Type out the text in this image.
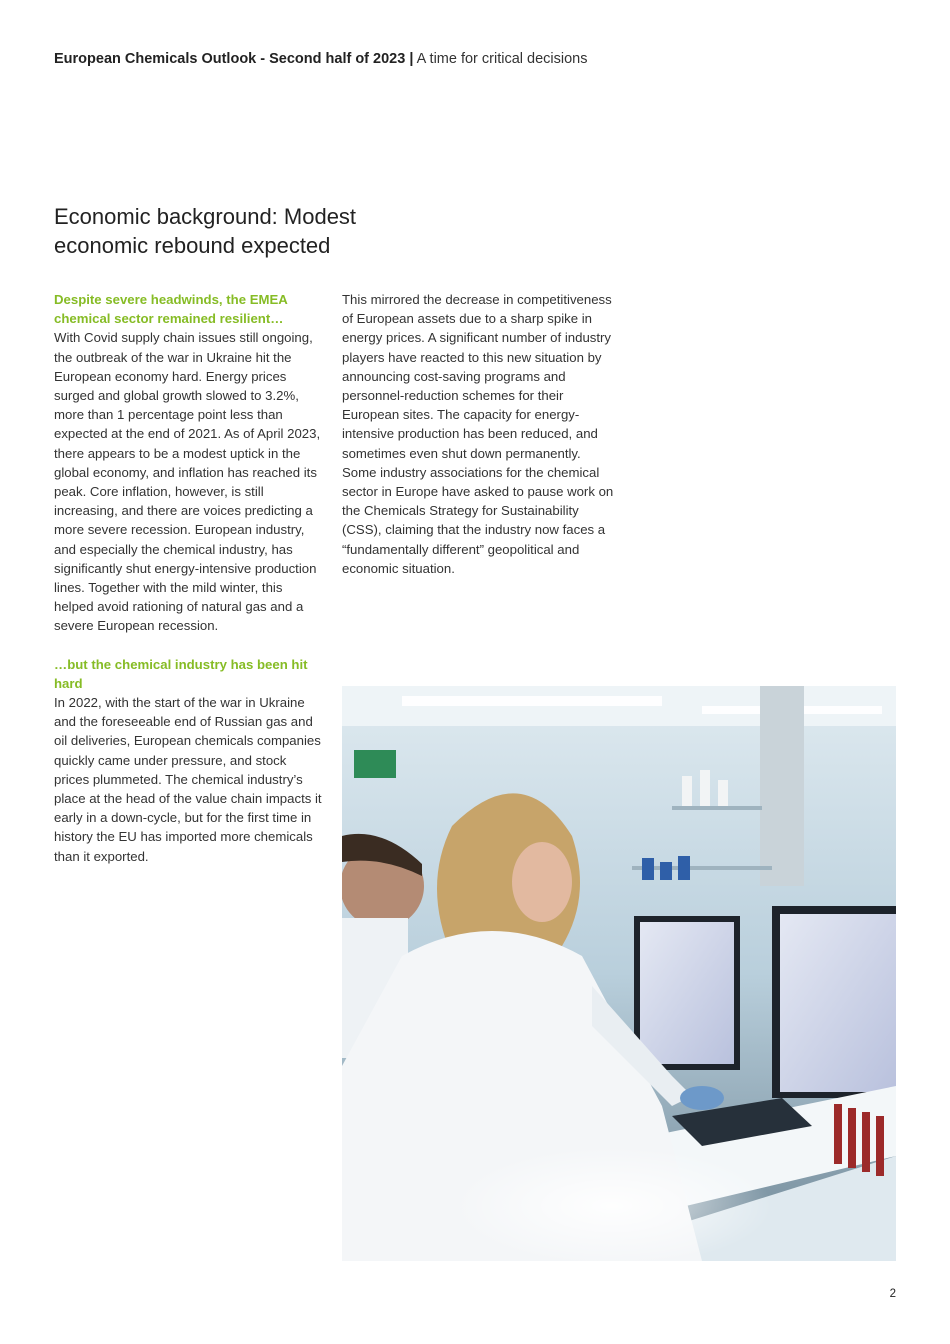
European Chemicals Outlook - Second half of 2023 | A time for critical decisions
Economic background: Modest economic rebound expected
Despite severe headwinds, the EMEA chemical sector remained resilient…

With Covid supply chain issues still ongoing, the outbreak of the war in Ukraine hit the European economy hard. Energy prices surged and global growth slowed to 3.2%, more than 1 percentage point less than expected at the end of 2021. As of April 2023, there appears to be a modest uptick in the global economy, and inflation has reached its peak. Core inflation, however, is still increasing, and there are voices predicting a more severe recession. European industry, and especially the chemical industry, has significantly shut energy-intensive production lines. Together with the mild winter, this helped avoid rationing of natural gas and a severe European recession.

…but the chemical industry has been hit hard

In 2022, with the start of the war in Ukraine and the foreseeable end of Russian gas and oil deliveries, European chemicals companies quickly came under pressure, and stock prices plummeted. The chemical industry’s place at the head of the value chain impacts it early in a down-cycle, but for the first time in history the EU has imported more chemicals than it exported.

This mirrored the decrease in competitiveness of European assets due to a sharp spike in energy prices. A significant number of industry players have reacted to this new situation by announcing cost-saving programs and personnel-reduction schemes for their European sites. The capacity for energy-intensive production has been reduced, and sometimes even shut down permanently. Some industry associations for the chemical sector in Europe have asked to pause work on the Chemicals Strategy for Sustainability (CSS), claiming that the industry now faces a “fundamentally different” geopolitical and economic situation.

2
